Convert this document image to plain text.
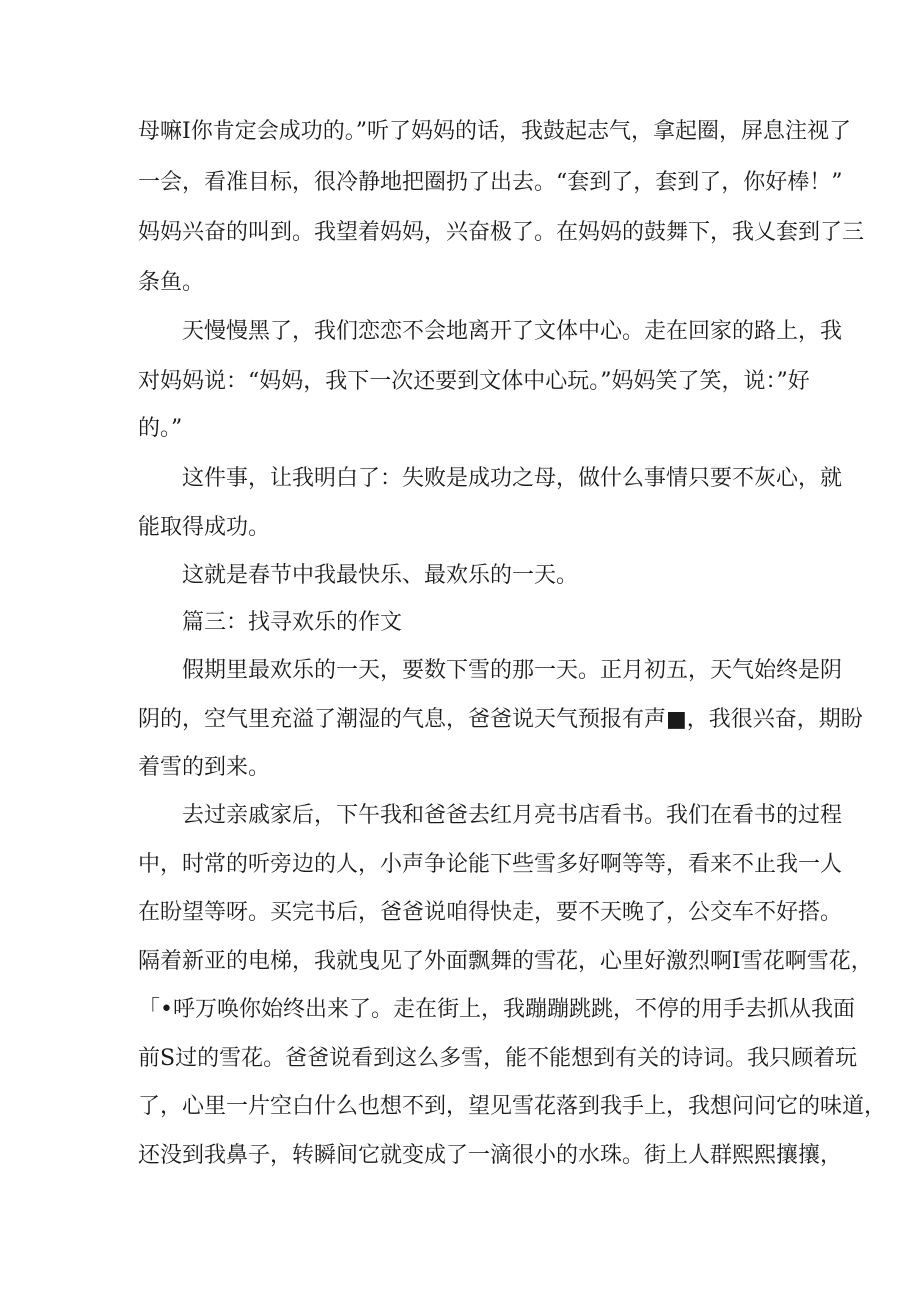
母嘛I你肯定会成功的。”听了妈妈的话，我鼓起志气，拿起圈，屏息注视了
一会，看准目标，很冷静地把圈扔了出去。“套到了，套到了，你好棒！”
妈妈兴奋的叫到。我望着妈妈，兴奋极了。在妈妈的鼓舞下，我乂套到了三
条鱼。
天慢慢黑了，我们恋恋不会地离开了文体中心。走在回家的路上，我
对妈妈说：“妈妈，我下一次还要到文体中心玩。”妈妈笑了笑，说：”好
的。”
这件事，让我明白了：失败是成功之母，做什么事情只要不灰心，就
能取得成功。
这就是春节中我最快乐、最欢乐的一天。
篇三：找寻欢乐的作文
假期里最欢乐的一天，要数下雪的那一天。正月初五，天气始终是阴
阴的，空气里充溢了潮湿的气息，爸爸说天气预报有声■，我很兴奋，期盼
着雪的到来。
去过亲戚家后，下午我和爸爸去红月亮书店看书。我们在看书的过程
中，时常的听旁边的人，小声争论能下些雪多好啊等等，看来不止我一人
在盼望等呀。买完书后，爸爸说咱得快走，要不天晚了，公交车不好搭。
隔着新亚的电梯，我就曳见了外面飘舞的雪花，心里好激烈啊I雪花啊雪花，
「•呼万唤你始终出来了。走在街上，我蹦蹦跳跳，不停的用手去抓从我面
前S过的雪花。爸爸说看到这么多雪，能不能想到有关的诗词。我只顾着玩
了，心里一片空白什么也想不到，望见雪花落到我手上，我想问问它的味道，
还没到我鼻子，转瞬间它就变成了一滴很小的水珠。街上人群熙熙攘攘，
